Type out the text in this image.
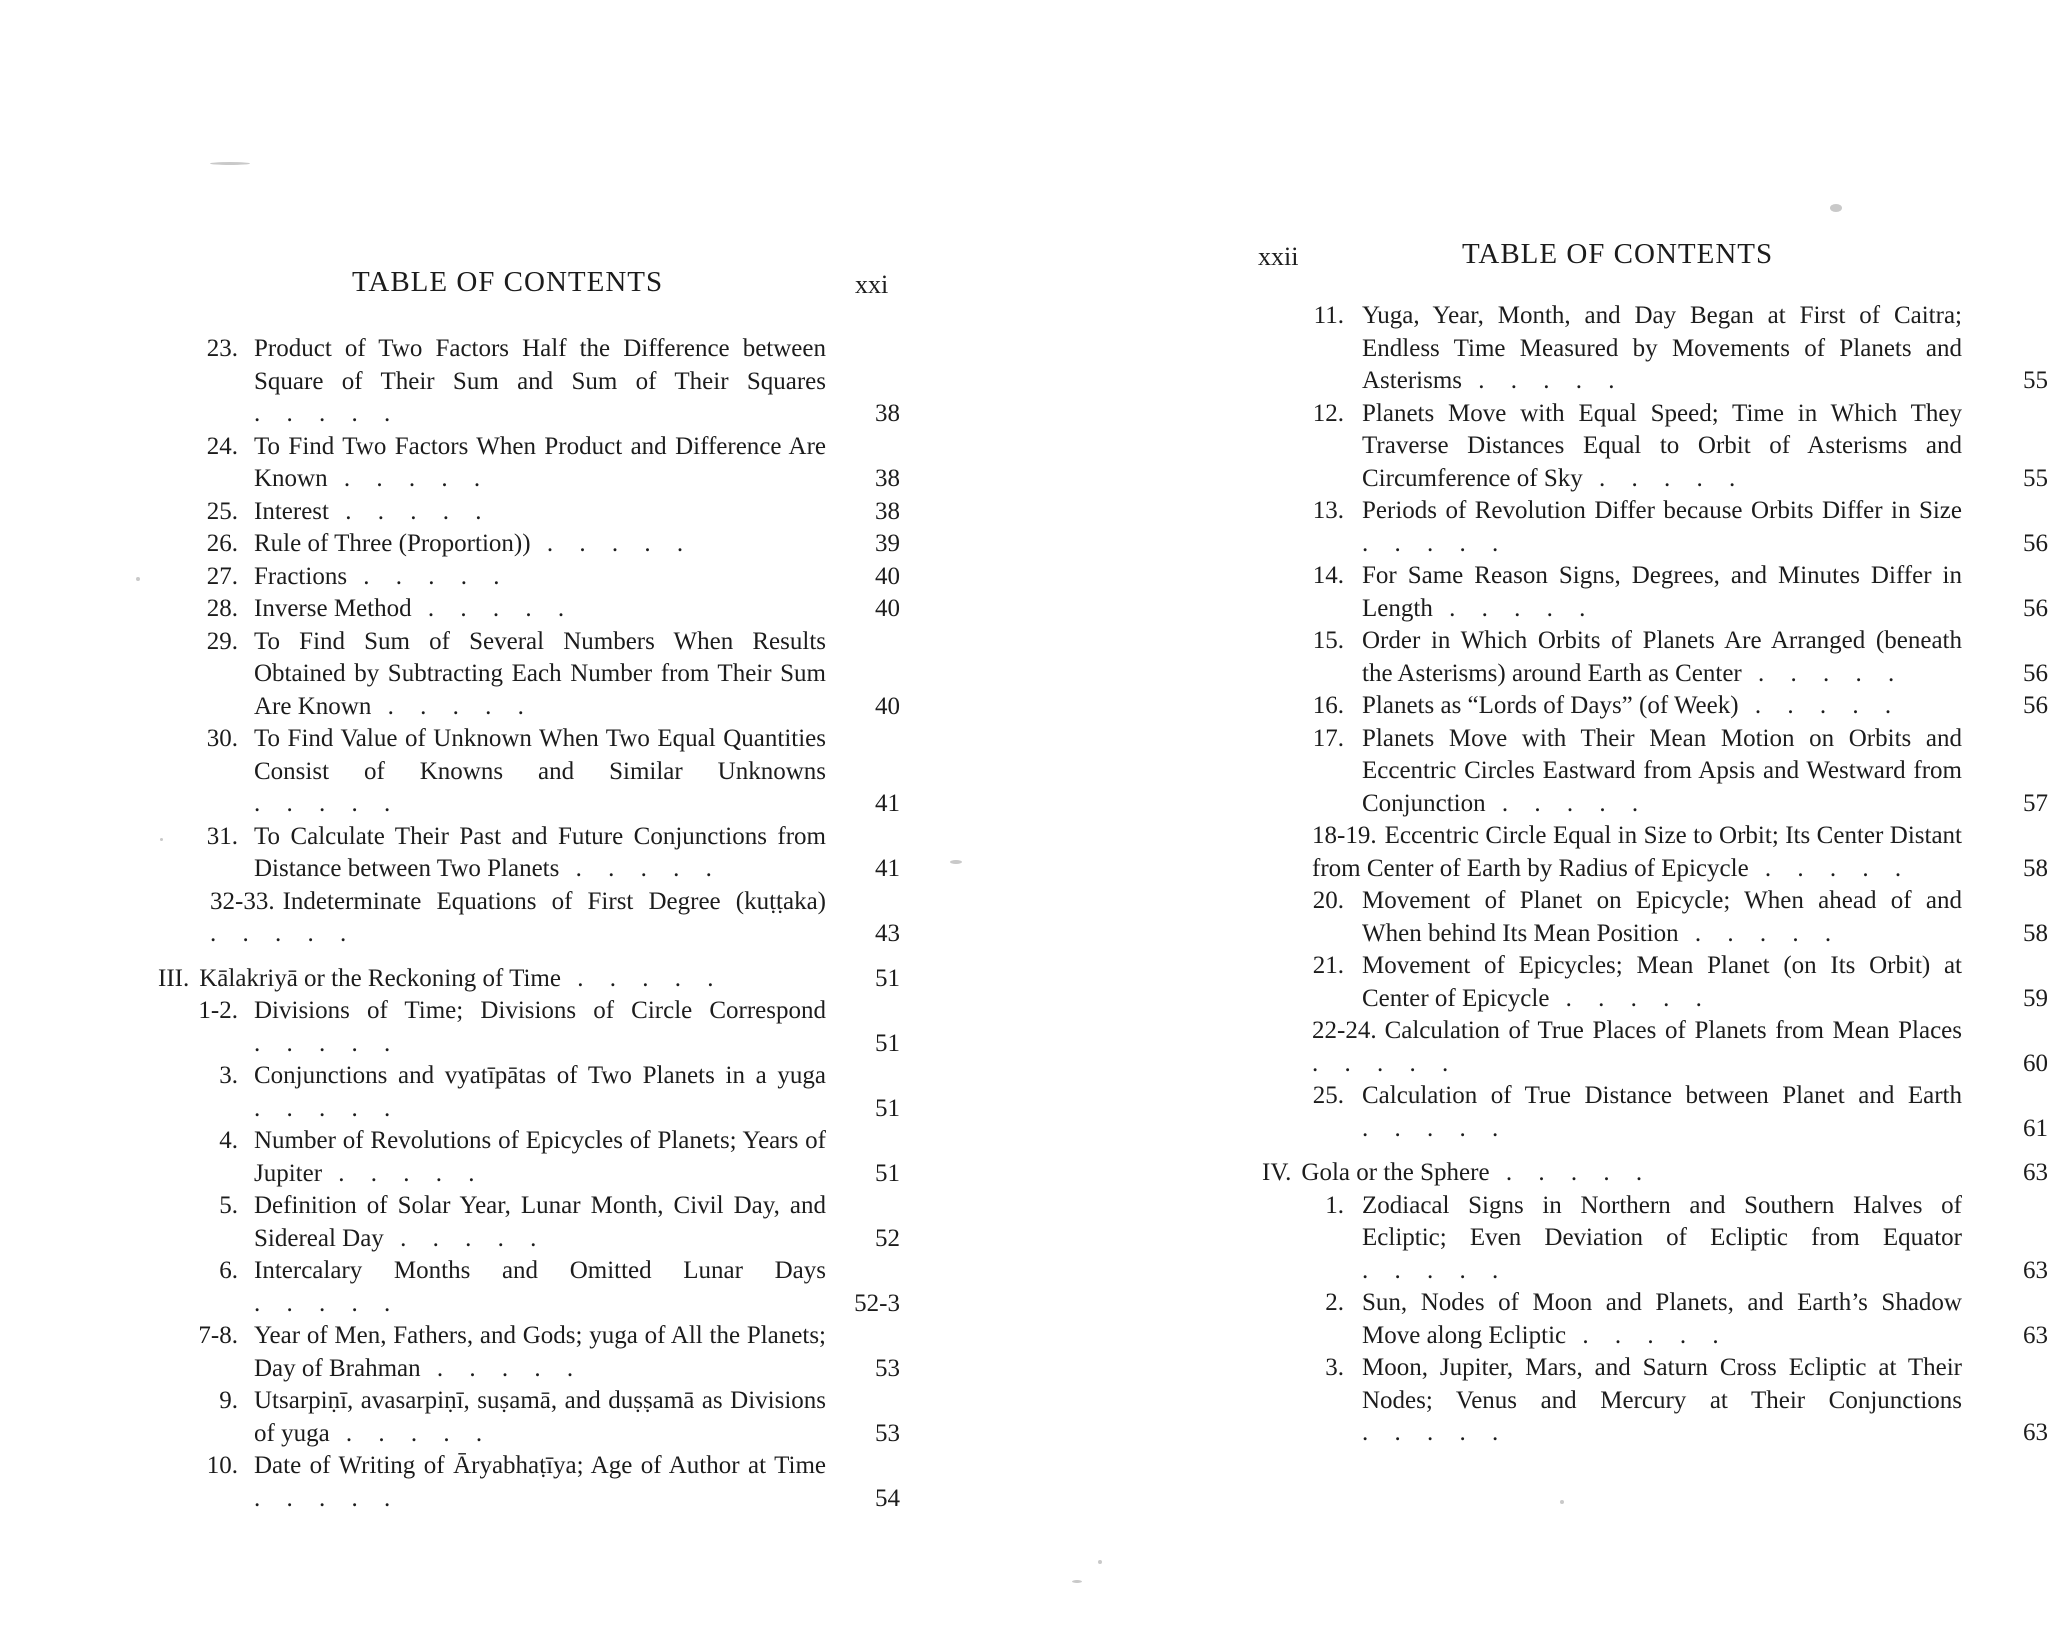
TABLE OF CONTENTS	xxi
23. Product of Two Factors Half the Difference between Square of Their Sum and Sum of Their Squares . . . . .	38
24. To Find Two Factors When Product and Difference Are Known . . . . .	38
25. Interest . . . . .	38
26. Rule of Three (Proportion)) . . . . .	39
27. Fractions . . . . .	40
28. Inverse Method . . . . .	40
29. To Find Sum of Several Numbers When Results Obtained by Subtracting Each Number from Their Sum Are Known . . . . .	40
30. To Find Value of Unknown When Two Equal Quantities Consist of Knowns and Similar Unknowns . . . . .	41
31. To Calculate Their Past and Future Conjunctions from Distance between Two Planets . . . . .	41
32-33. Indeterminate Equations of First Degree (kuṭṭaka) . . . . .	43
III. Kālakriyā or the Reckoning of Time . . . . .	51
1-2. Divisions of Time; Divisions of Circle Correspond . . . . .	51
3. Conjunctions and vyatīpātas of Two Planets in a yuga . . . . .	51
4. Number of Revolutions of Epicycles of Planets; Years of Jupiter . . . . .	51
5. Definition of Solar Year, Lunar Month, Civil Day, and Sidereal Day . . . . .	52
6. Intercalary Months and Omitted Lunar Days . . . . .	52-3
7-8. Year of Men, Fathers, and Gods; yuga of All the Planets; Day of Brahman . . . . .	53
9. Utsarpiṇī, avasarpiṇī, suṣamā, and duṣṣamā as Divisions of yuga . . . . .	53
10. Date of Writing of Āryabhaṭīya; Age of Author at Time . . . . .	54
xxii	TABLE OF CONTENTS
11. Yuga, Year, Month, and Day Began at First of Caitra; Endless Time Measured by Movements of Planets and Asterisms . . . . .	55
12. Planets Move with Equal Speed; Time in Which They Traverse Distances Equal to Orbit of Asterisms and Circumference of Sky . . . . .	55
13. Periods of Revolution Differ because Orbits Differ in Size . . . . .	56
14. For Same Reason Signs, Degrees, and Minutes Differ in Length . . . . .	56
15. Order in Which Orbits of Planets Are Arranged (beneath the Asterisms) around Earth as Center . . . . .	56
16. Planets as “Lords of Days” (of Week) . . . . .	56
17. Planets Move with Their Mean Motion on Orbits and Eccentric Circles Eastward from Apsis and Westward from Conjunction . . . . .	57
18-19. Eccentric Circle Equal in Size to Orbit; Its Center Distant from Center of Earth by Radius of Epicycle . . . . .	58
20. Movement of Planet on Epicycle; When ahead of and When behind Its Mean Position . . . . .	58
21. Movement of Epicycles; Mean Planet (on Its Orbit) at Center of Epicycle . . . . .	59
22-24. Calculation of True Places of Planets from Mean Places . . . . .	60
25. Calculation of True Distance between Planet and Earth . . . . .	61
IV. Gola or the Sphere . . . . .	63
1. Zodiacal Signs in Northern and Southern Halves of Ecliptic; Even Deviation of Ecliptic from Equator . . . . .	63
2. Sun, Nodes of Moon and Planets, and Earth’s Shadow Move along Ecliptic . . . . .	63
3. Moon, Jupiter, Mars, and Saturn Cross Ecliptic at Their Nodes; Venus and Mercury at Their Conjunctions . . . . .	63
